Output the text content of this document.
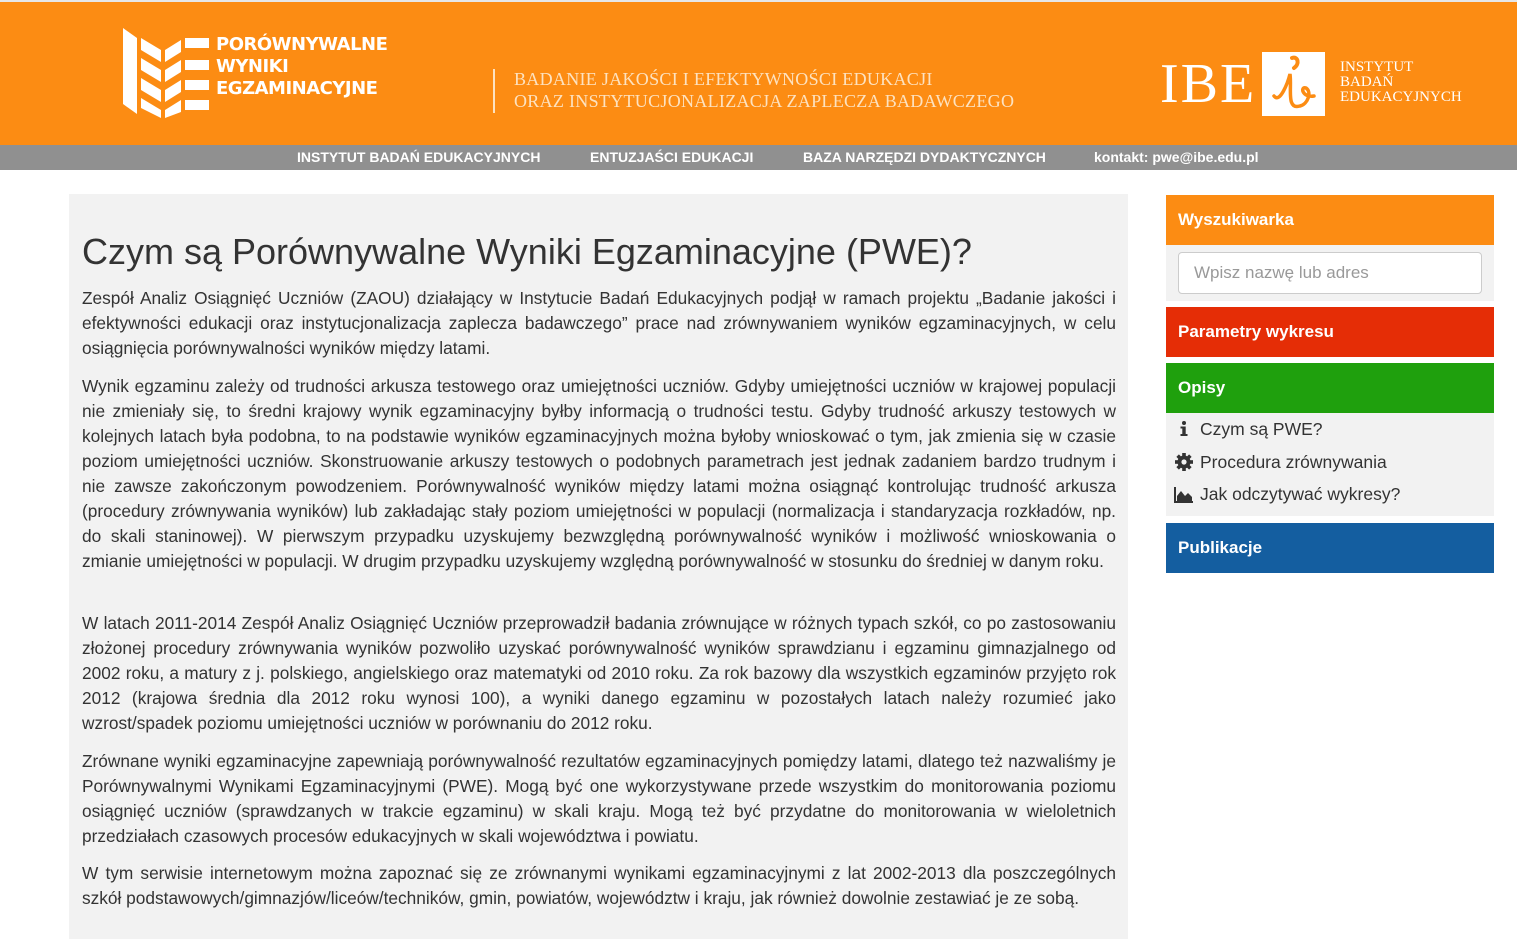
PORÓWNYWALNE
WYNIKI
EGZAMINACYJNE	BADANIE JAKOŚCI I EFEKTYWNOŚCI EDUKACJI
ORAZ INSTYTUCJONALIZACJA ZAPLECZA BADAWCZEGO	IBE	INSTYTUT
BADAŃ
EDUKACYJNYCH
INSTYTUT BADAŃ EDUKACYJNYCH	ENTUZJAŚCI EDUKACJI	BAZA NARZĘDZI DYDAKTYCZNYCH	kontakt: pwe@ibe.edu.pl
Czym są Porównywalne Wyniki Egzaminacyjne (PWE)?

Zespół Analiz Osiągnięć Uczniów (ZAOU) działający w Instytucie Badań Edukacyjnych podjął w ramach projektu „Badanie jakości i efektywności edukacji oraz instytucjonalizacja zaplecza badawczego” prace nad zrównywaniem wyników egzaminacyjnych, w celu osiągnięcia porównywalności wyników między latami.

Wynik egzaminu zależy od trudności arkusza testowego oraz umiejętności uczniów. Gdyby umiejętności uczniów w krajowej populacji nie zmieniały się, to średni krajowy wynik egzaminacyjny byłby informacją o trudności testu. Gdyby trudność arkuszy testowych w kolejnych latach była podobna, to na podstawie wyników egzaminacyjnych można byłoby wnioskować o tym, jak zmienia się w czasie poziom umiejętności uczniów. Skonstruowanie arkuszy testowych o podobnych parametrach jest jednak zadaniem bardzo trudnym i nie zawsze zakończonym powodzeniem. Porównywalność wyników między latami można osiągnąć kontrolując trudność arkusza (procedury zrównywania wyników) lub zakładając stały poziom umiejętności w populacji (normalizacja i standaryzacja rozkładów, np. do skali staninowej). W pierwszym przypadku uzyskujemy bezwzględną porównywalność wyników i możliwość wnioskowania o zmianie umiejętności w populacji. W drugim przypadku uzyskujemy względną porównywalność w stosunku do średniej w danym roku.

W latach 2011-2014 Zespół Analiz Osiągnięć Uczniów przeprowadził badania zrównujące w różnych typach szkół, co po zastosowaniu złożonej procedury zrównywania wyników pozwoliło uzyskać porównywalność wyników sprawdzianu i egzaminu gimnazjalnego od 2002 roku, a matury z j. polskiego, angielskiego oraz matematyki od 2010 roku. Za rok bazowy dla wszystkich egzaminów przyjęto rok 2012 (krajowa średnia dla 2012 roku wynosi 100), a wyniki danego egzaminu w pozostałych latach należy rozumieć jako wzrost/spadek poziomu umiejętności uczniów w porównaniu do 2012 roku.

Zrównane wyniki egzaminacyjne zapewniają porównywalność rezultatów egzaminacyjnych pomiędzy latami, dlatego też nazwaliśmy je Porównywalnymi Wynikami Egzaminacyjnymi (PWE). Mogą być one wykorzystywane przede wszystkim do monitorowania poziomu osiągnięć uczniów (sprawdzanych w trakcie egzaminu) w skali kraju. Mogą też być przydatne do monitorowania w wieloletnich przedziałach czasowych procesów edukacyjnych w skali województwa i powiatu.

W tym serwisie internetowym można zapoznać się ze zrównanymi wynikami egzaminacyjnymi z lat 2002-2013 dla poszczególnych szkół podstawowych/gimnazjów/liceów/techników, gmin, powiatów, województw i kraju, jak również dowolnie zestawiać je ze sobą.

Wyszukiwarka
Wpisz nazwę lub adres
Parametry wykresu
Opisy
Czym są PWE?
Procedura zrównywania
Jak odczytywać wykresy?
Publikacje
